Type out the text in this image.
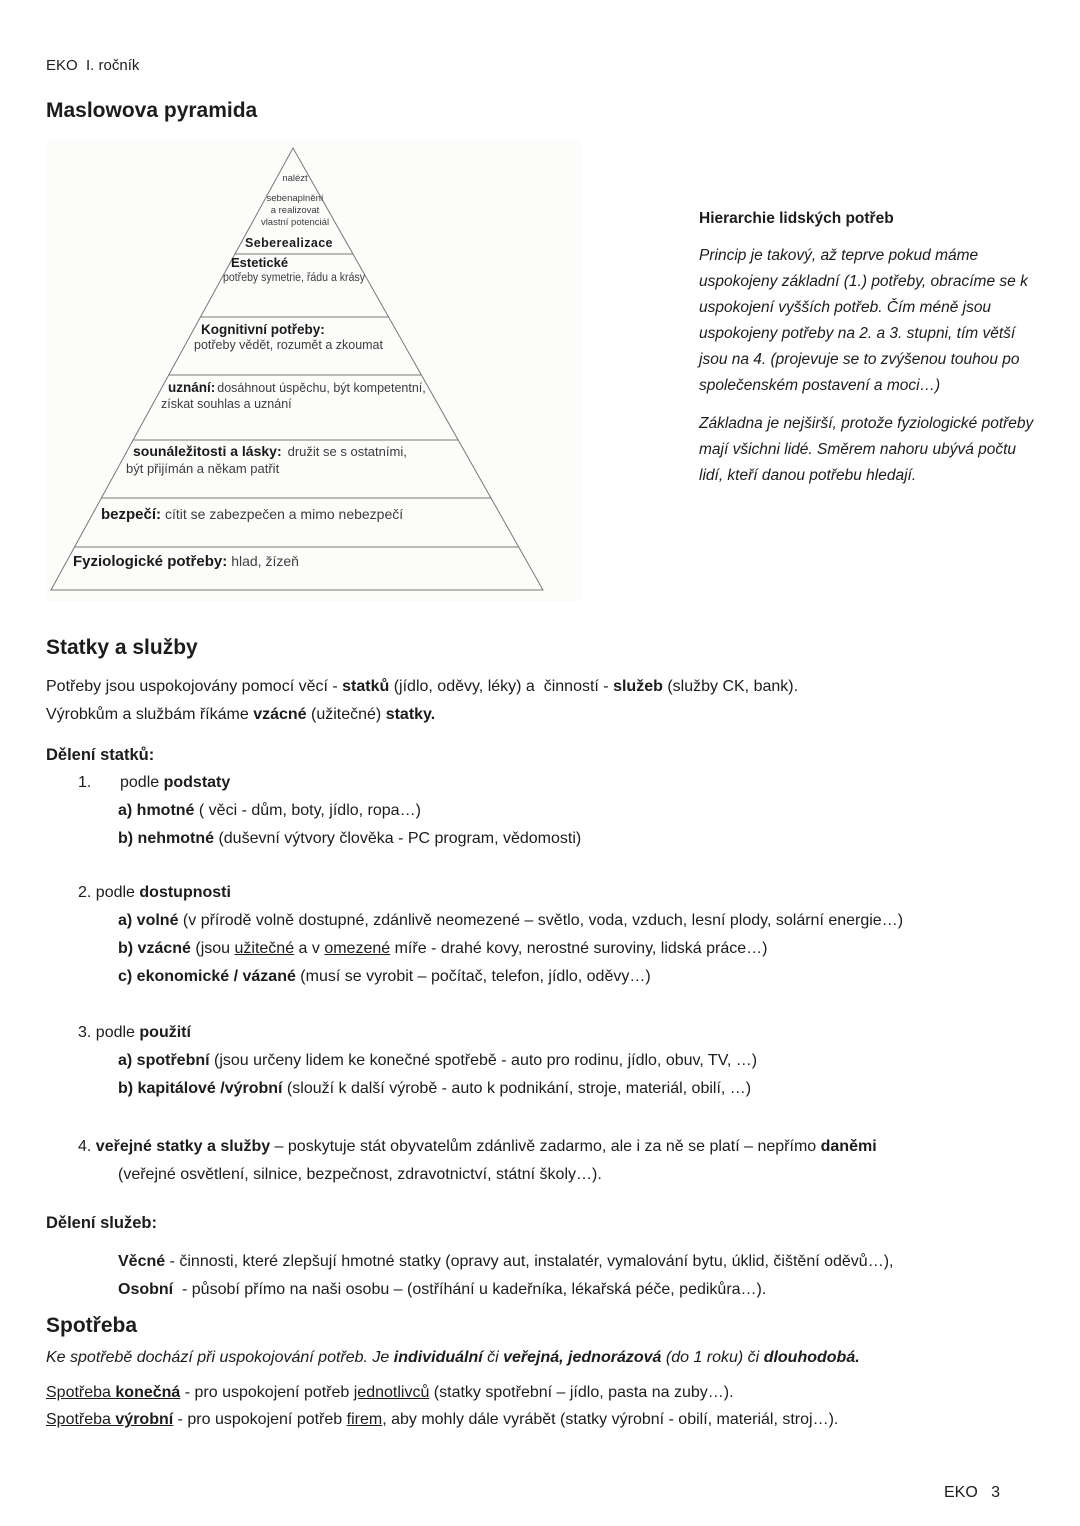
EKO  I. ročník
Maslowova pyramida
nalézt
sebenaplnění
a realizovat
vlastní potenciál
Seberealizace
Estetické
potřeby symetrie, řádu a krásy
Kognitivní potřeby:
potřeby vědět, rozumět a zkoumat
uznání: dosáhnout úspěchu, být kompetentní,
získat souhlas a uznání
sounáležitosti a lásky: družit se s ostatními,
být přijímán a někam patřit
bezpečí: cítit se zabezpečen a mimo nebezpečí
Fyziologické potřeby: hlad, žízeň
Hierarchie lidských potřeb

Princip je takový, až teprve pokud máme uspokojeny základní (1.) potřeby, obracíme se k uspokojení vyšších potřeb. Čím méně jsou uspokojeny potřeby na 2. a 3. stupni, tím větší jsou na 4. (projevuje se to zvýšenou touhou po společenském postavení a moci…)

Základna je nejširší, protože fyziologické potřeby mají všichni lidé. Směrem nahoru ubývá počtu lidí, kteří danou potřebu hledají.

Statky a služby
Potřeby jsou uspokojovány pomocí věcí - statků (jídlo, oděvy, léky) a  činností - služeb (služby CK, bank).
Výrobkům a službám říkáme vzácné (užitečné) statky.
Dělení statků:
1.	podle podstaty
a) hmotné ( věci - dům, boty, jídlo, ropa…)
b) nehmotné (duševní výtvory člověka - PC program, vědomosti)
2. podle dostupnosti
a) volné (v přírodě volně dostupné, zdánlivě neomezené – světlo, voda, vzduch, lesní plody, solární energie…)
b) vzácné (jsou užitečné a v omezené míře - drahé kovy, nerostné suroviny, lidská práce…)
c) ekonomické / vázané (musí se vyrobit – počítač, telefon, jídlo, oděvy…)
3. podle použití
a) spotřební (jsou určeny lidem ke konečné spotřebě - auto pro rodinu, jídlo, obuv, TV, …)
b) kapitálové /výrobní (slouží k další výrobě - auto k podnikání, stroje, materiál, obilí, …)
4. veřejné statky a služby – poskytuje stát obyvatelům zdánlivě zadarmo, ale i za ně se platí – nepřímo daněmi
(veřejné osvětlení, silnice, bezpečnost, zdravotnictví, státní školy…).
Dělení služeb:
Věcné - činnosti, které zlepšují hmotné statky (opravy aut, instalatér, vymalování bytu, úklid, čištění oděvů…),
Osobní  - působí přímo na naši osobu – (ostříhání u kadeřníka, lékařská péče, pedikůra…).
Spotřeba
Ke spotřebě dochází při uspokojování potřeb. Je individuální či veřejná, jednorázová (do 1 roku) či dlouhodobá.
Spotřeba konečná - pro uspokojení potřeb jednotlivců (statky spotřební – jídlo, pasta na zuby…).
Spotřeba výrobní - pro uspokojení potřeb firem, aby mohly dále vyrábět (statky výrobní - obilí, materiál, stroj…).
EKO   3
